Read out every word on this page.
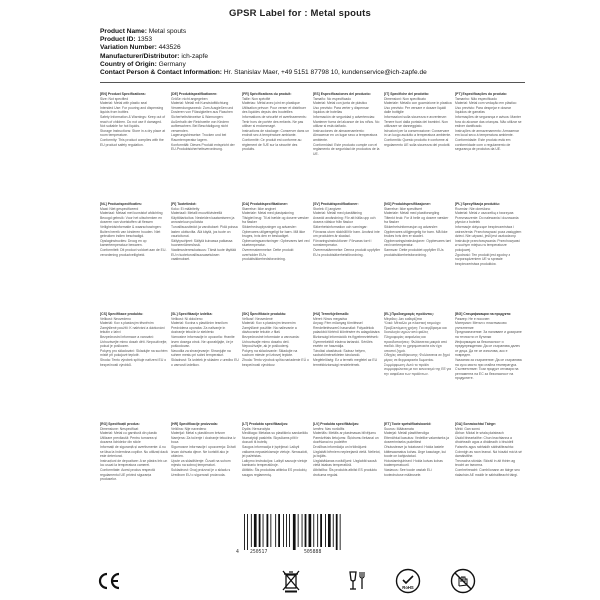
GPSR Label for : Metal spouts
Product Name: Metal spouts
Product ID: 1353
Variation Number: 443526
Manufacturer/Distributor: ich-zapfe
Country of Origin: Germany
Contact Person & Contact Information: Hr. Stanislav Maer, +49 5151 87798 10, kundenservice@ich-zapfe.de
[EN] Product Specifications:
Size: Not specified
Material: Metal with plastic seal
Intended Use: For pouring and dispensing liquids from bottles
Safety Information & Warnings: Keep out of reach of children. Do not use if damaged. Not suitable for hot liquids.
Storage Instructions: Store in a dry place at room temperature.
Conformity: This product complies with the EU product safety regulation.
[DE] Produktspezifikationen:
Größe: nicht angegeben
Material: Metall mit Kunststoffdichtung
Verwendungszweck: Zum Ausgießen und Dosieren von Flüssigkeiten aus Flaschen
Sicherheitshinweise & Warnungen: Außerhalb der Reichweite von Kindern aufbewahren. Bei Beschädigung nicht verwenden.
Lagerungshinweise: Trocken und bei Raumtemperatur lagern.
Konformität: Dieses Produkt entspricht der EU-Produktsicherheitsverordnung.
[FR] Spécifications du produit:
Taille: Non spécifié
Matériau: Métal avec joint en plastique
Utilisation prévue: Pour verser et distribuer des liquides depuis des bouteilles
Informations de sécurité et avertissements: Tenir hors de portée des enfants. Ne pas utiliser si endommagé.
Instructions de stockage: Conserver dans un endroit sec à température ambiante.
Conformité: Ce produit est conforme au règlement de l'UE sur la sécurité des produits.
[ES] Especificaciones del producto:
Tamaño: No especificado
Material: Metal con junta de plástico
Uso previsto: Para verter y dispensar líquidos de botellas
Información de seguridad y advertencias: Mantener fuera del alcance de los niños. No utilizar si está dañado.
Instrucciones de almacenamiento: Almacenar en un lugar seco a temperatura ambiente.
Conformidad: Este producto cumple con el reglamento de seguridad de productos de la UE.
[IT] Specifiche del prodotto:
Dimensioni: Non specificato
Materiale: Metallo con guarnizione in plastica
Uso previsto: Per versare e dosare liquidi dalle bottiglie
Informazioni sulla sicurezza e avvertenze: Tenere fuori dalla portata dei bambini. Non utilizzare se danneggiato.
Istruzioni per la conservazione: Conservare in un luogo asciutto a temperatura ambiente.
Conformità: Questo prodotto è conforme al regolamento UE sulla sicurezza dei prodotti.
[PT] Especificações do produto:
Tamanho: Não especificado
Material: Metal com vedação em plástico
Uso previsto: Para despejar e dosear líquidos de garrafas
Informações de segurança e avisos: Manter fora do alcance das crianças. Não utilizar se estiver danificado.
Instruções de armazenamento: Armazenar em local seco à temperatura ambiente.
Conformidade: Este produto está em conformidade com o regulamento de segurança de produtos da UE.
[NL] Productspecificaties:
Maat: Niet gespecificeerd
Materiaal: Metaal met kunststof afdichting
Beoogd gebruik: Voor het uitschenken en doseren van vloeistoffen uit flessen
Veiligheidsinformatie & waarschuwingen: Buiten bereik van kinderen houden. Niet gebruiken indien beschadigd.
Opslaginstructies: Droog en op kamertemperatuur bewaren.
Conformiteit: Dit product voldoet aan de EU-verordening productveiligheid.
[FI] Tuotetiedot:
Koko: Ei määritelty
Materiaali: Metalli muovitiivisteellä
Käyttötarkoitus: Nesteiden kaatamiseen ja annosteluun pulloista
Turvallisuustiedot ja varoitukset: Pidä poissa lasten ulottuvilta. Älä käytä, jos tuote on vaurioitunut.
Säilytysohjeet: Säilytä kuivassa paikassa huoneenlämmössä.
Vaatimustenmukaisuus: Tämä tuote täyttää EU:n tuoteturvallisuusasetuksen vaatimukset.
[DA] Produktspecifikationer:
Størrelse: Ikke angivet
Materiale: Metal med plastpakning
Tilsigtet brug: Til at hælde og dosere væsker fra flasker
Sikkerhedsoplysninger og advarsler: Opbevares utilgængeligt for børn. Må ikke bruges, hvis den er beskadiget.
Opbevaringsanvisninger: Opbevares tørt ved stuetemperatur.
Overensstemmelse: Dette produkt overholder EU's produktsikkerhedsforordning.
[SV] Produktspecifikationer:
Storlek: Ej angiven
Material: Metall med plasttätning
Avsedd användning: För att hälla upp och dosera vätskor från flaskor
Säkerhetsinformation och varningar: Förvaras utom räckhåll för barn. Använd inte om produkten är skadad.
Förvaringsinstruktioner: Förvaras torrt i rumstemperatur.
Överensstämmelse: Denna produkt uppfyller EU:s produktsäkerhetsförordning.
[NO] Produktspesifikasjoner:
Størrelse: Ikke spesifisert
Materiale: Metall med plastforsegling
Tiltenkt bruk: For å helle og dosere væsker fra flasker
Sikkerhetsinformasjon og advarsler: Oppbevares utilgjengelig for barn. Må ikke brukes hvis den er skadet.
Oppbevaringsinstruksjoner: Oppbevares tørt ved romtemperatur.
Samsvar: Dette produktet oppfyller EUs produktsikkerhetsforordning.
[PL] Specyfikacja produktu:
Rozmiar: Nie określono
Materiał: Metal z uszczelką z tworzywa
Przeznaczenie: Do nalewania i dozowania płynów z butelek
Informacje dotyczące bezpieczeństwa i ostrzeżenia: Przechowywać poza zasięgiem dzieci. Nie używać, jeśli jest uszkodzony.
Instrukcje przechowywania: Przechowywać w suchym miejscu w temperaturze pokojowej.
Zgodność: Ten produkt jest zgodny z rozporządzeniem UE w sprawie bezpieczeństwa produktów.
[CS] Specifikace produktu:
Velikost: Neuvedeno
Materiál: Kov s plastovým těsněním
Zamýšlené použití: K nalévání a dávkování tekutin z lahví
Bezpečnostní informace a varování: Uchovávejte mimo dosah dětí. Nepoužívejte, pokud je poškozen.
Pokyny pro skladování: Skladujte na suchém místě při pokojové teplotě.
Shoda: Tento výrobek splňuje nařízení EU o bezpečnosti výrobků.
[SL] Specifikacije izdelka:
Velikost: Ni določeno
Material: Kovina s plastičnim tesnilom
Predvidena uporaba: Za nalivanje in doziranje tekočin iz steklenic
Varnostne informacije in opozorila: Hranite izven dosega otrok. Ne uporabljajte, če je poškodovan.
Navodila za shranjevanje: Shranjujte na suhem mestu pri sobni temperaturi.
Skladnost: Ta izdelek je skladen z uredbo EU o varnosti izdelkov.
[SK] Špecifikácie produktu:
Veľkosť: Neuvedené
Materiál: Kov s plastovým tesnením
Zamýšľané použitie: Na nalievanie a dávkovanie tekutín z fliaš
Bezpečnostné informácie a varovania: Uchovávajte mimo dosahu detí. Nepoužívajte, ak je poškodený.
Pokyny na skladovanie: Skladujte na suchom mieste pri izbovej teplote.
Zhoda: Tento výrobok spĺňa nariadenie EÚ o bezpečnosti výrobkov.
[HU] Termékjellemzők:
Méret: Nincs megadva
Anyag: Fém műanyag tömítéssel
Rendeltetésszerű használat: Folyadékok palackból történő kiöntésére és adagolására
Biztonsági információk és figyelmeztetések: Gyermekektől elzárva tartandó. Sérülés esetén ne használja.
Tárolási utasítások: Száraz helyen, szobahőmérsékleten tárolandó.
Megfelelőség: Ez a termék megfelel az EU termékbiztonsági rendeletének.
[EL] Προδιαγραφές προϊόντος:
Μέγεθος: Δεν καθορίζεται
Υλικό: Μέταλλο με πλαστική τσιμούχα
Προβλεπόμενη χρήση: Για σερβίρισμα και δοσολογία υγρών από φιάλες
Πληροφορίες ασφαλείας και προειδοποιήσεις: Φυλάσσεται μακριά από παιδιά. Μην το χρησιμοποιείτε εάν έχει υποστεί ζημιά.
Οδηγίες αποθήκευσης: Φυλάσσεται σε ξηρό μέρος σε θερμοκρασία δωματίου.
Συμμόρφωση: Αυτό το προϊόν συμμορφώνεται με τον κανονισμό της ΕΕ για την ασφάλεια των προϊόντων.
[BG] Спецификации на продукта:
Размер: Не е посочен
Материал: Метал с пластмасово уплътнение
Предназначение: За наливане и дозиране на течности от бутилки
Информация за безопасност и предупреждения: Да се съхранява далеч от деца. Да не се използва, ако е повреден.
Указания за съхранение: Да се съхранява на сухо място при стайна температура.
Съответствие: Този продукт отговаря на регламента на ЕС за безопасност на продуктите.
[RO] Specificații produs:
Dimensiune: Nespecificat
Material: Metal cu garnitură din plastic
Utilizare prevăzută: Pentru turnarea și dozarea lichidelor din sticle
Informații de siguranță și avertismente: A nu se lăsa la îndemâna copiilor. Nu utilizați dacă este deteriorat.
Instrucțiuni de depozitare: A se păstra într-un loc uscat la temperatura camerei.
Conformitate: Acest produs respectă regulamentul UE privind siguranța produselor.
[HR] Specifikacije proizvoda:
Veličina: Nije navedeno
Materijal: Metal s plastičnom brtvom
Namjena: Za točenje i doziranje tekućina iz boca
Sigurnosne informacije i upozorenja: Držati izvan dohvata djece. Ne koristiti ako je oštećen.
Upute za skladištenje: Čuvati na suhom mjestu na sobnoj temperaturi.
Sukladnost: Ovaj proizvod je u skladu s Uredbom EU o sigurnosti proizvoda.
[LT] Produkto specifikacijos:
Dydis: Nenurodyta
Medžiaga: Metalas su plastikiniu sandarikliu
Numatytoji paskirtis: Skysčiams pilti ir dozuoti iš butelių
Saugos informacija ir įspėjimai: Laikyti vaikams nepasiekiamoje vietoje. Nenaudoti, jei pažeistas.
Laikymo instrukcijos: Laikyti sausoje vietoje kambario temperatūroje.
Atitiktis: Šis produktas atitinka ES produktų saugos reglamentą.
[LV] Produkta specifikācijas:
Izmērs: Nav norādīts
Materiāls: Metāls ar plastmasas blīvējumu
Paredzētais lietojums: Šķidrumu liešanai un dozēšanai no pudelēm
Drošības informācija un brīdinājumi: Uzglabāt bērniem nepieejamā vietā. Nelietot, ja bojāts.
Uzglabāšanas norādījumi: Uzglabāt sausā vietā istabas temperatūrā.
Atbilstība: Šis produkts atbilst ES produktu drošuma regulai.
[ET] Toote spetsifikatsioonid:
Suurus: Määramata
Materjal: Metall plasttihendiga
Ettenähtud kasutus: Vedelike valamiseks ja doseerimiseks pudelitest
Ohutusteave ja hoiatused: Hoida lastele kättesaamatus kohas. Ärge kasutage, kui toode on kahjustatud.
Hoiustamisjuhised: Hoida kuivas kohas toatemperatuuril.
Vastavus: See toode vastab ELi tooteohutuse määrusele.
[GA] Sonraíochtaí Táirge:
Méid: Gan sonrú
Ábhar: Miotal le séala plaisteach
Úsáid bheartaithe: Chun leachtanna a dhoirteadh agus a dháileadh ó bhuidéil
Faisnéis agus rabhaidh sábháilteachta: Coinnigh as raon leanaí. Ná húsáid má tá sé damáistithe.
Treoracha stórála: Stóráil in áit thirim ag teocht an tseomra.
Comhréireacht: Comhlíonann an táirge seo rialachán AE maidir le sábháilteacht táirgí.
4 250517	505888
RoHS
